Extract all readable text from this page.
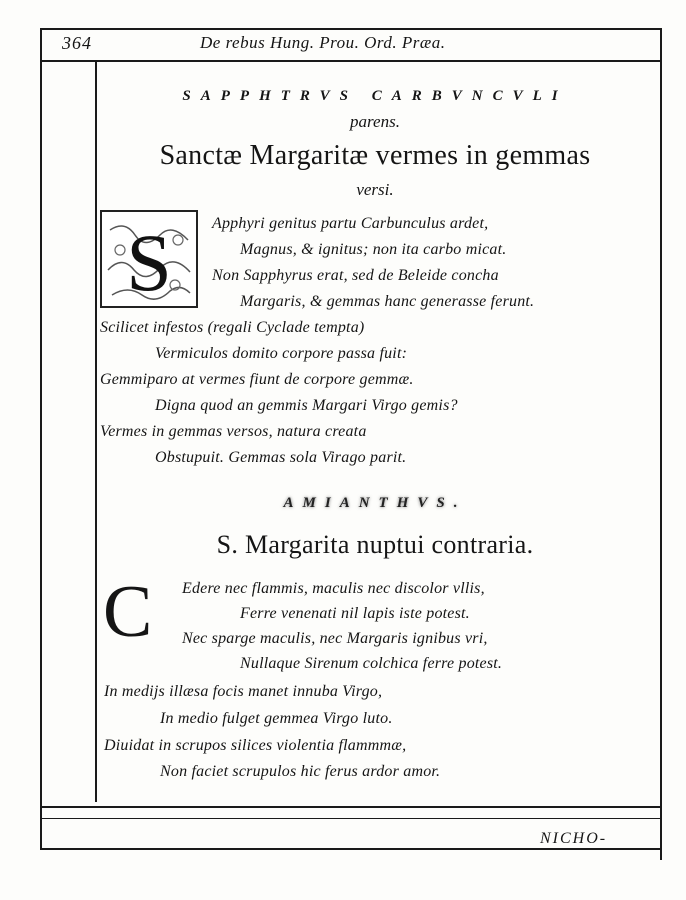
364	De rebus Hung. Prou. Ord. Præa.
SAPPHTRVS CARBVNCVLI
parens.
Sanctæ Margaritæ vermes in gemmas
versi.
S	Apphyri genitus partu Carbunculus ardet,
Magnus, & ignitus; non ita carbo micat.
Non Sapphyrus erat, sed de Beleide concha
Margaris, & gemmas hanc generasse ferunt.
Scilicet infestos (regali Cyclade tempta)
Vermiculos domito corpore passa fuit:
Gemmiparo at vermes fiunt de corpore gemmæ.
Digna quod an gemmis Margari Virgo gemis?
Vermes in gemmas versos, natura creata
Obstupuit. Gemmas sola Virago parit.
AMIANTHVS.
S. Margarita nuptui contraria.
C Edere nec flammis, maculis nec discolor vllis,
Ferre venenati nil lapis iste potest.
Nec sparge maculis, nec Margaris ignibus vri,
Nullaque Sirenum colchica ferre potest.
In medijs illæsa focis manet innuba Virgo,
In medio fulget gemmea Virgo luto.
Diuidat in scrupos silices violentia flammmæ,
Non faciet scrupulos hic ferus ardor amor.
NICHO-
